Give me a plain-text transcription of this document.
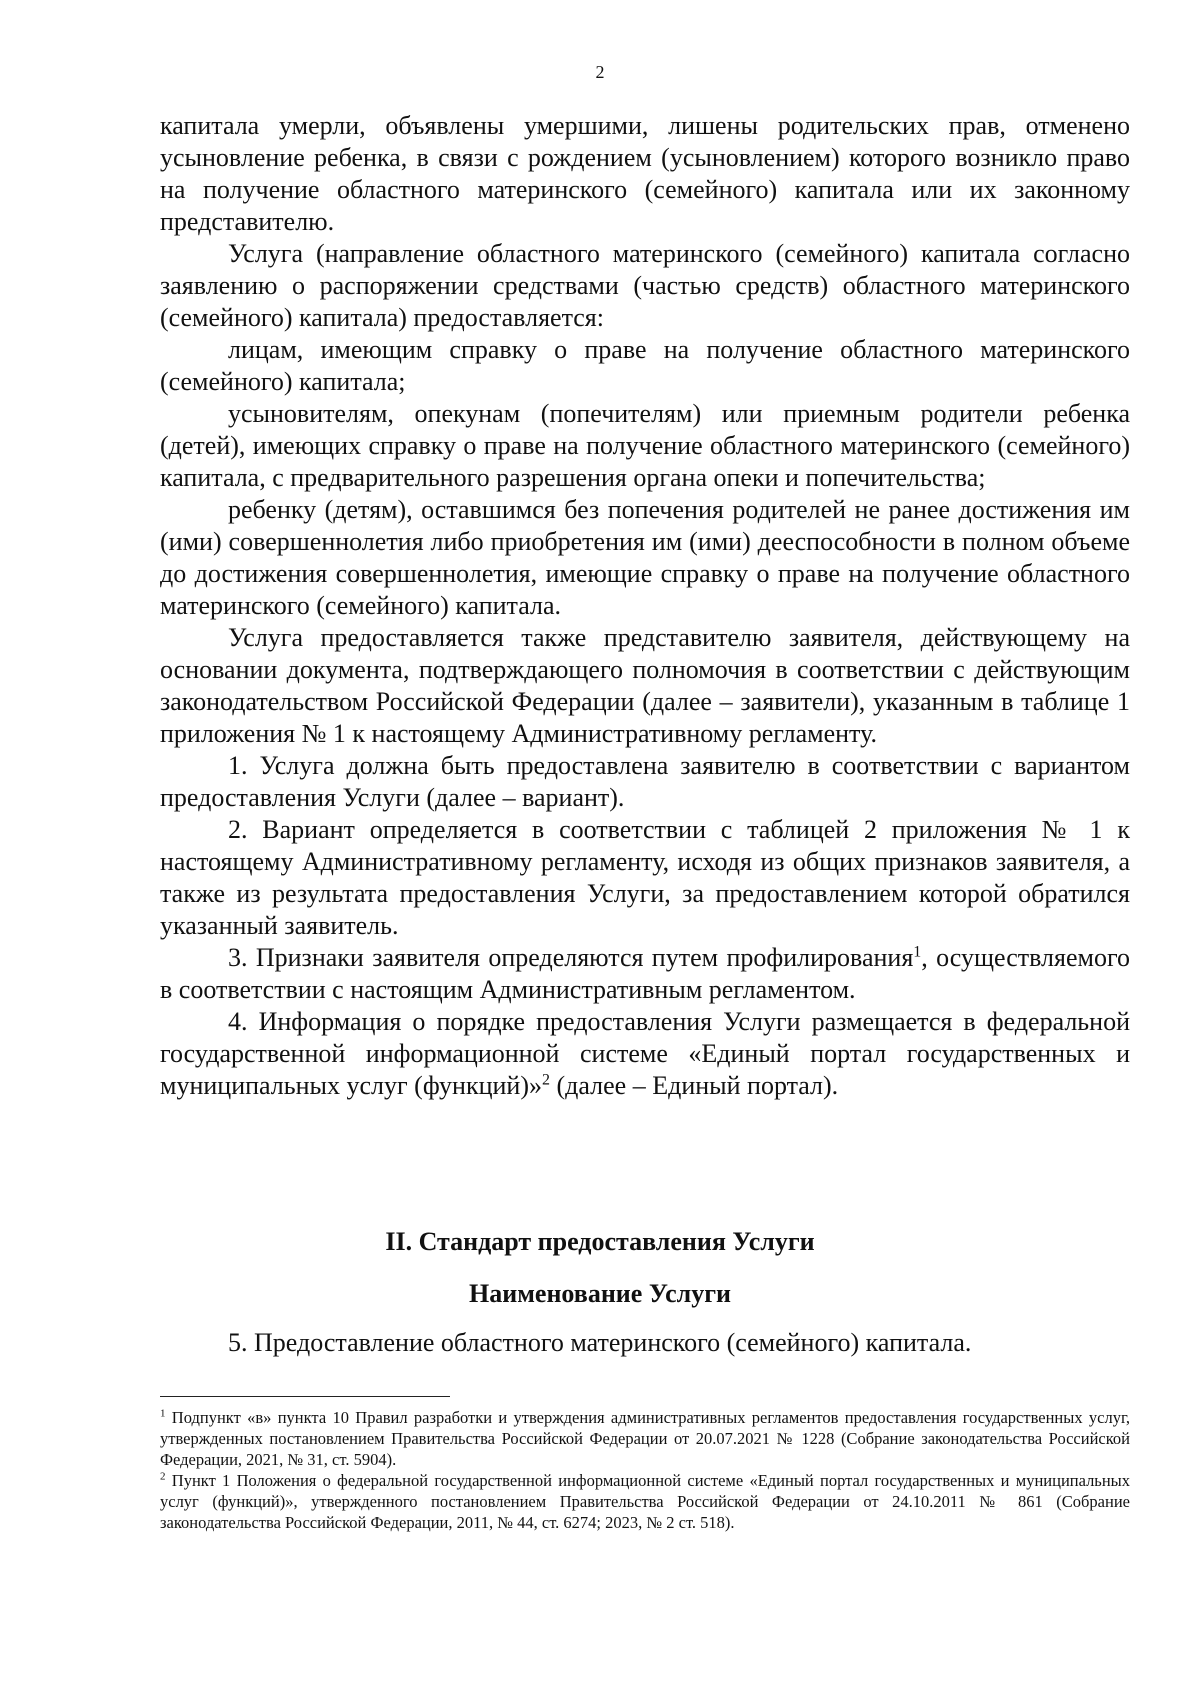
2

капитала умерли, объявлены умершими, лишены родительских прав, отменено усыновление ребенка, в связи с рождением (усыновлением) которого возникло право на получение областного материнского (семейного) капитала или их законному представителю.

Услуга (направление областного материнского (семейного) капитала согласно заявлению о распоряжении средствами (частью средств) областного материнского (семейного) капитала) предоставляется:

лицам, имеющим справку о праве на получение областного материнского (семейного) капитала;

усыновителям, опекунам (попечителям) или приемным родители ребенка (детей), имеющих справку о праве на получение областного материнского (семейного) капитала, с предварительного разрешения органа опеки и попечительства;

ребенку (детям), оставшимся без попечения родителей не ранее достижения им (ими) совершеннолетия либо приобретения им (ими) дееспособности в полном объеме до достижения совершеннолетия, имеющие справку о праве на получение областного материнского (семейного) капитала.

Услуга предоставляется также представителю заявителя, действующему на основании документа, подтверждающего полномочия в соответствии с действующим законодательством Российской Федерации (далее – заявители), указанным в таблице 1 приложения № 1 к настоящему Административному регламенту.

1. Услуга должна быть предоставлена заявителю в соответствии с вариантом предоставления Услуги (далее – вариант).

2. Вариант определяется в соответствии с таблицей 2 приложения № 1 к настоящему Административному регламенту, исходя из общих признаков заявителя, а также из результата предоставления Услуги, за предоставлением которой обратился указанный заявитель.

3. Признаки заявителя определяются путем профилирования$^1$, осуществляемого в соответствии с настоящим Административным регламентом.

4. Информация о порядке предоставления Услуги размещается в федеральной государственной информационной системе «Единый портал государственных и муниципальных услуг (функций)»$^2$ (далее – Единый портал).

II. Стандарт предоставления Услуги
Наименование Услуги
5. Предоставление областного материнского (семейного) капитала.

$^1$ Подпункт «в» пункта 10 Правил разработки и утверждения административных регламентов предоставления государственных услуг, утвержденных постановлением Правительства Российской Федерации от 20.07.2021 № 1228 (Собрание законодательства Российской Федерации, 2021, № 31, ст. 5904).

$^2$ Пункт 1 Положения о федеральной государственной информационной системе «Единый портал государственных и муниципальных услуг (функций)», утвержденного постановлением Правительства Российской Федерации от 24.10.2011 № 861 (Собрание законодательства Российской Федерации, 2011, № 44, ст. 6274; 2023, № 2 ст. 518).
